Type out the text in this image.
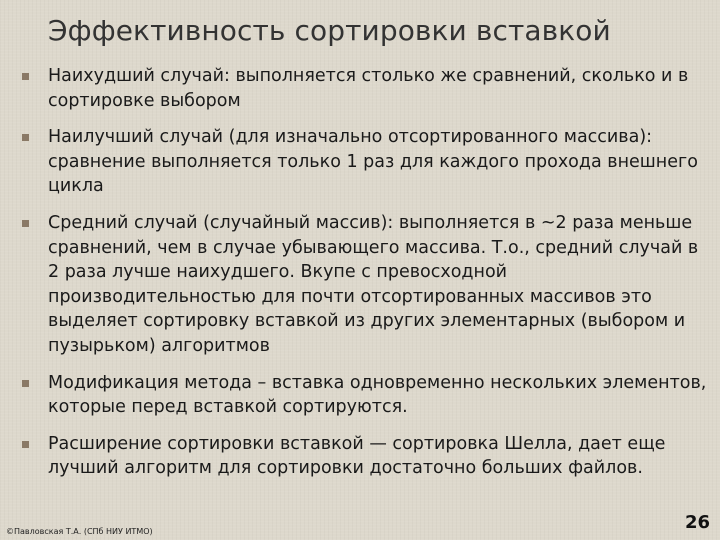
Эффективность сортировки вставкой
Наихудший случай: выполняется столько же сравнений, сколько и в сортировке выбором
Наилучший случай (для изначально отсортированного массива): сравнение выполняется только 1 раз для каждого прохода внешнего цикла
Средний случай (случайный массив): выполняется в ~2 раза меньше сравнений, чем в случае убывающего массива. Т.о., средний случай в 2 раза лучше наихудшего. Вкупе с превосходной производительностью для почти отсортированных массивов это выделяет сортировку вставкой из других элементарных (выбором и пузырьком) алгоритмов
Модификация метода – вставка одновременно нескольких элементов, которые перед вставкой сортируются.
Расширение сортировки вставкой — сортировка Шелла, дает еще лучший алгоритм для сортировки достаточно больших файлов.
©Павловская Т.А. (СПб НИУ ИТМО)	26
